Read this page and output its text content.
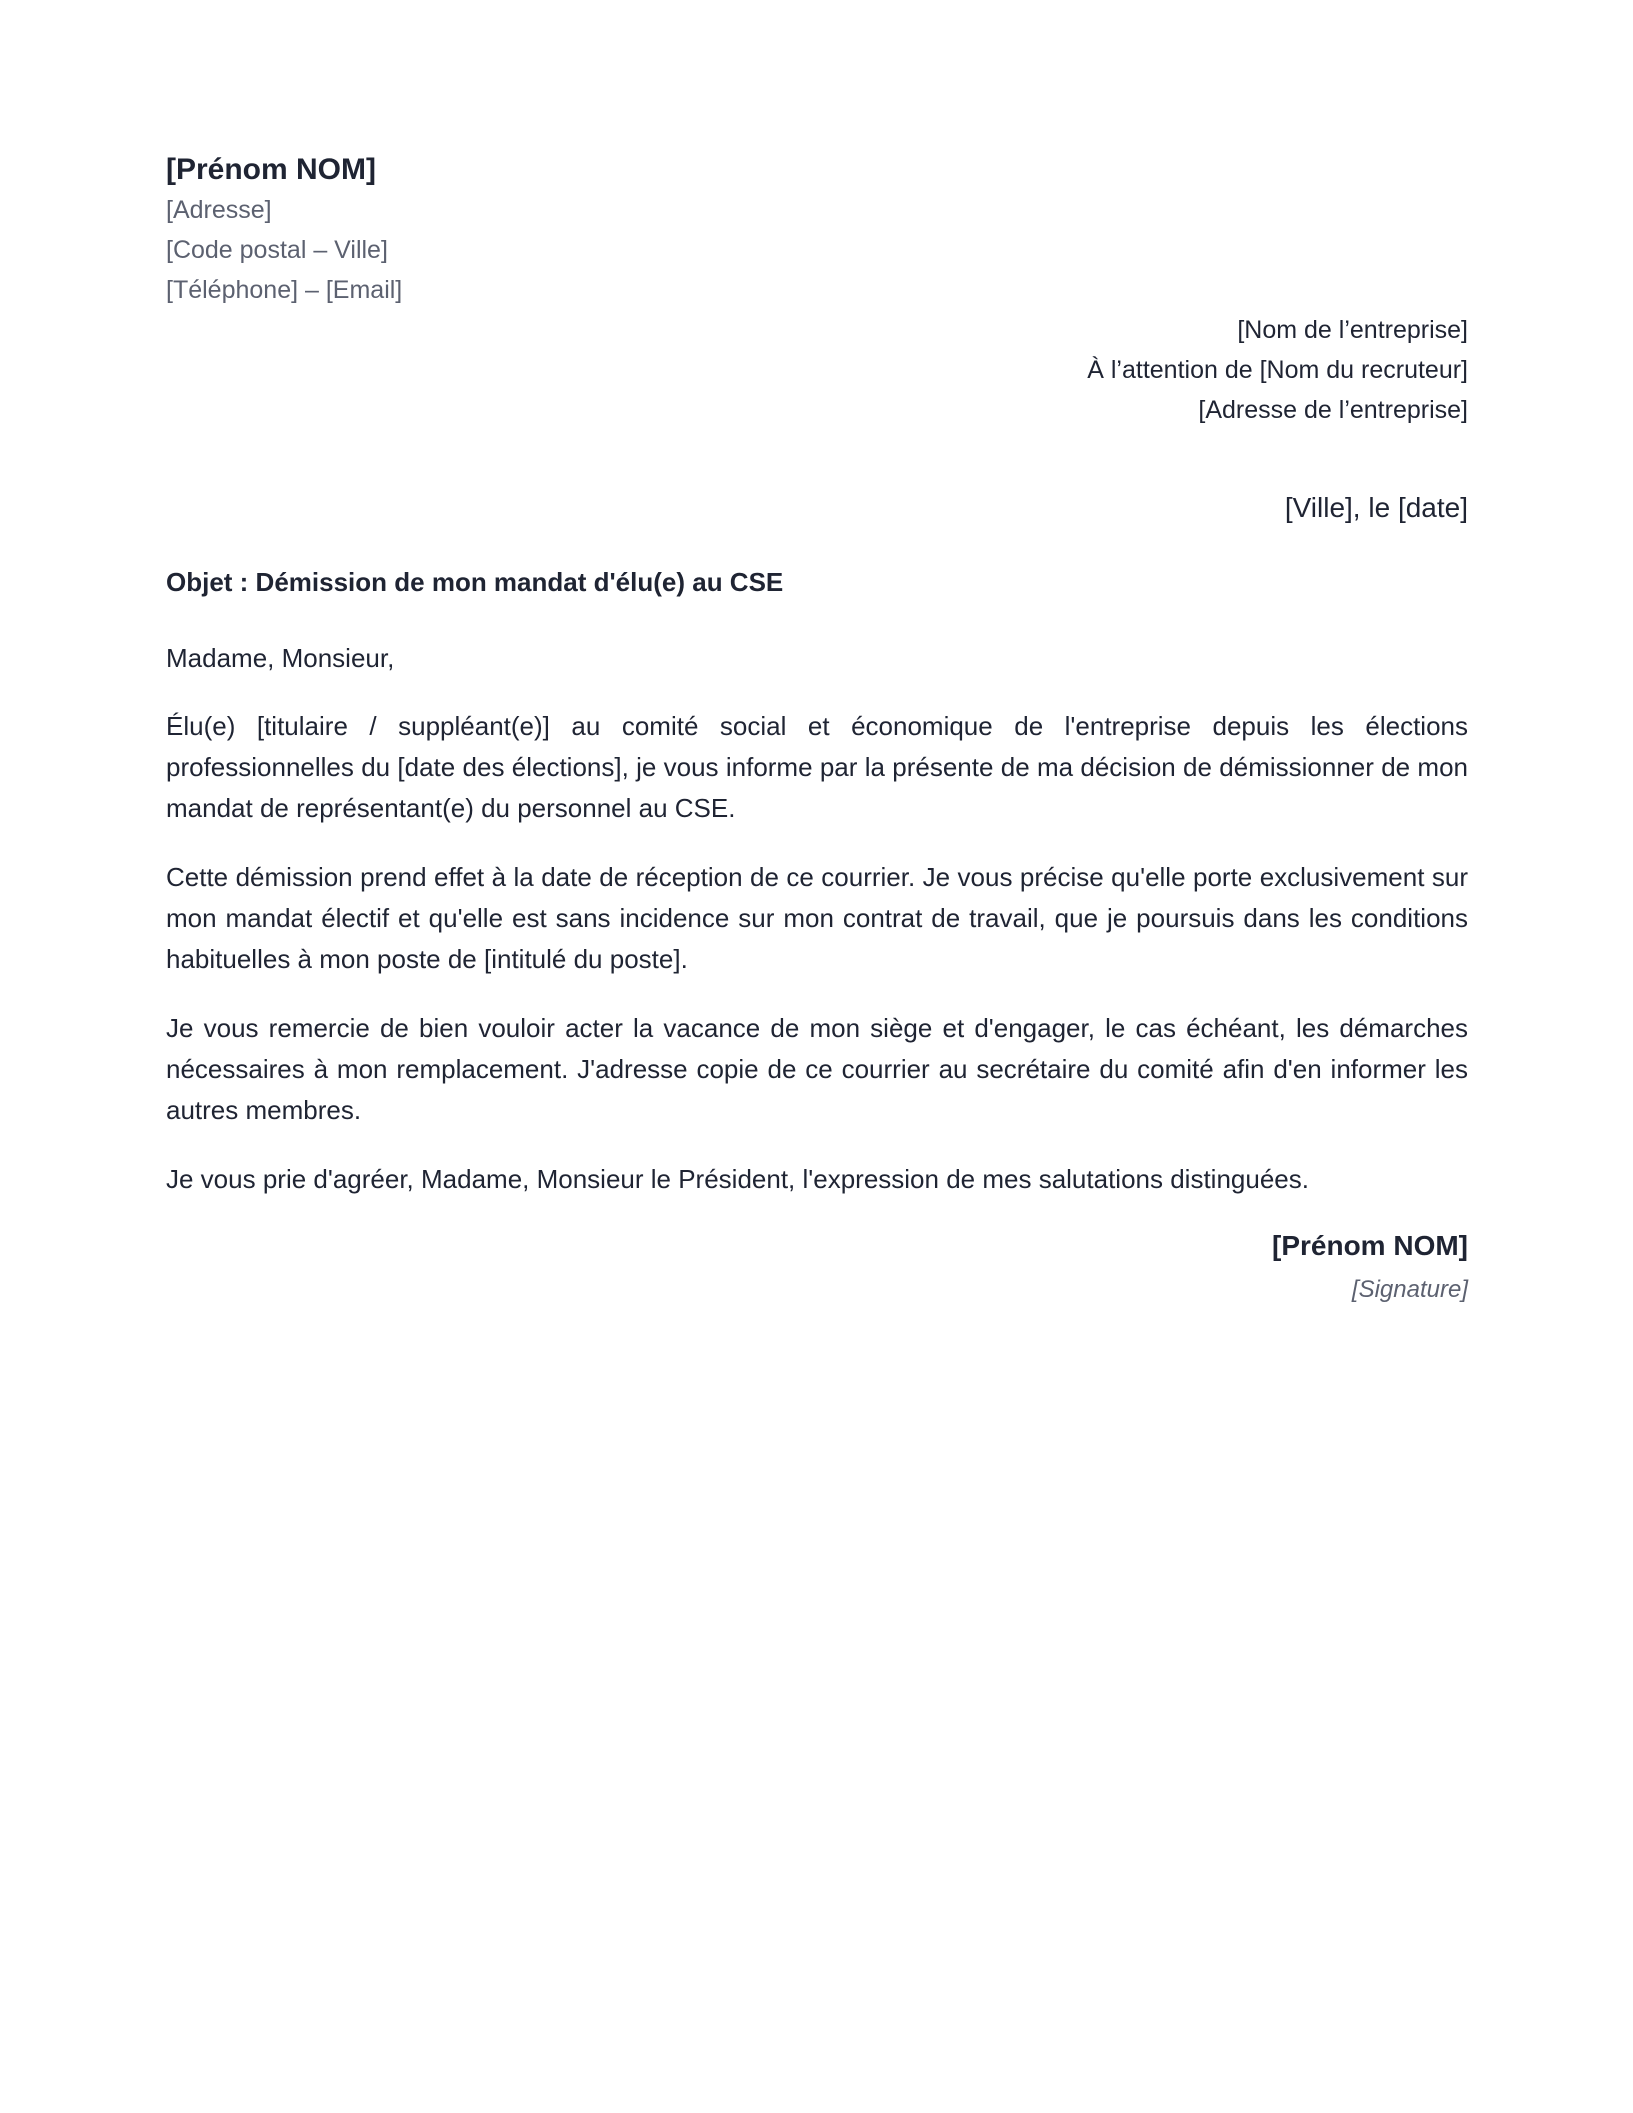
[Prénom NOM]
[Adresse]
[Code postal – Ville]
[Téléphone] – [Email]
[Nom de l’entreprise]
À l’attention de [Nom du recruteur]
[Adresse de l’entreprise]
[Ville], le [date]
Objet : Démission de mon mandat d'élu(e) au CSE
Madame, Monsieur,
Élu(e) [titulaire / suppléant(e)] au comité social et économique de l'entreprise depuis les élections professionnelles du [date des élections], je vous informe par la présente de ma décision de démissionner de mon mandat de représentant(e) du personnel au CSE.
Cette démission prend effet à la date de réception de ce courrier. Je vous précise qu'elle porte exclusivement sur mon mandat électif et qu'elle est sans incidence sur mon contrat de travail, que je poursuis dans les conditions habituelles à mon poste de [intitulé du poste].
Je vous remercie de bien vouloir acter la vacance de mon siège et d'engager, le cas échéant, les démarches nécessaires à mon remplacement. J'adresse copie de ce courrier au secrétaire du comité afin d'en informer les autres membres.
Je vous prie d'agréer, Madame, Monsieur le Président, l'expression de mes salutations distinguées.
[Prénom NOM]
[Signature]
